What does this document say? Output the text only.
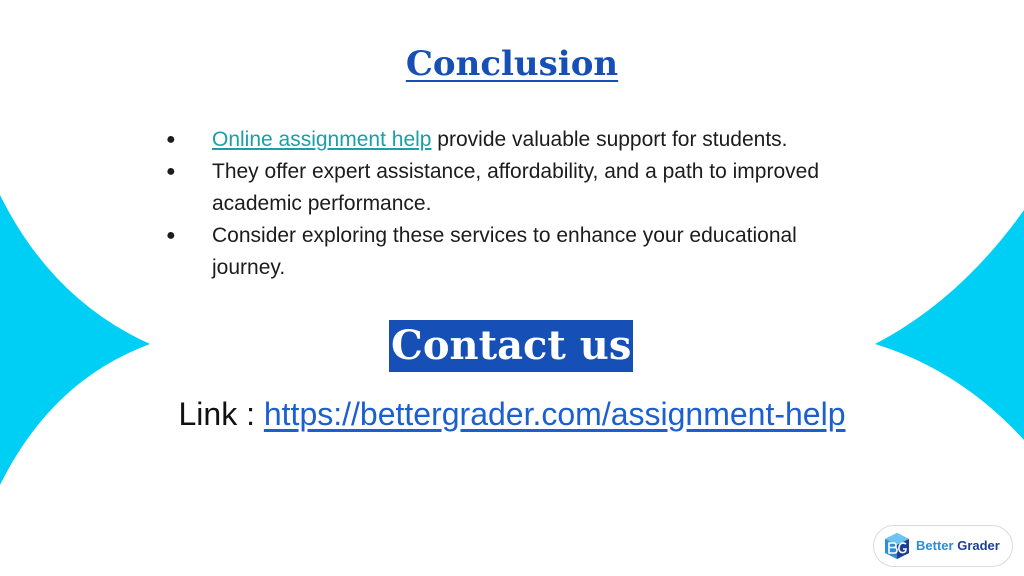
Conclusion
●	Online assignment help provide valuable support for students.
●	They offer expert assistance, affordability, and a path to improved academic performance.
●	Consider exploring these services to enhance your educational journey.
Contact us
Link : https://bettergrader.com/assignment-help
Better Grader
